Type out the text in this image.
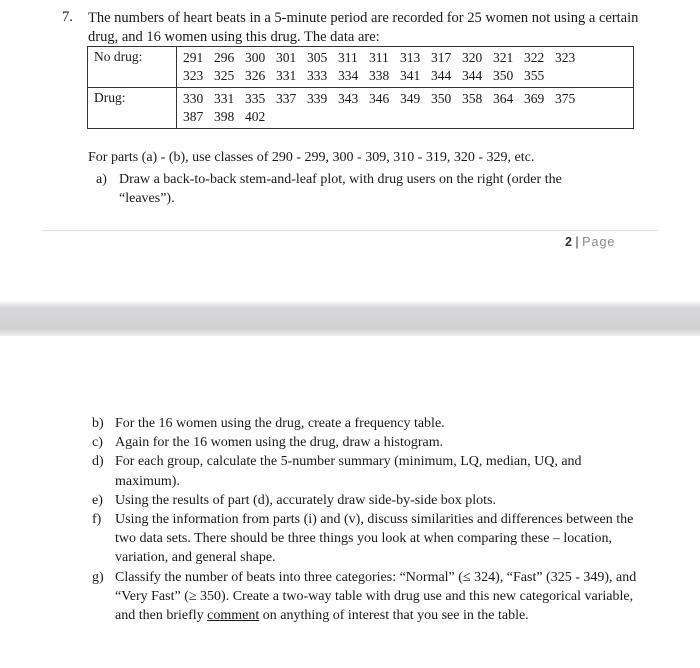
7. The numbers of heart beats in a 5-minute period are recorded for 25 women not using a certain drug, and 16 women using this drug. The data are:
No drug:	291 296 300 301 305 311 311 313 317 320 321 322 323
323 325 326 331 333 334 338 341 344 344 350 355

Drug:	330 331 335 337 339 343 346 349 350 358 364 369 375
387 398 402
For parts (a) - (b), use classes of 290 - 299, 300 - 309, 310 - 319, 320 - 329, etc.
a) Draw a back-to-back stem-and-leaf plot, with drug users on the right (order the “leaves”).
2 | Page
b) For the 16 women using the drug, create a frequency table.
c) Again for the 16 women using the drug, draw a histogram.
d) For each group, calculate the 5-number summary (minimum, LQ, median, UQ, and maximum).
e) Using the results of part (d), accurately draw side-by-side box plots.
f) Using the information from parts (i) and (v), discuss similarities and differences between the two data sets. There should be three things you look at when comparing these – location, variation, and general shape.
g) Classify the number of beats into three categories: “Normal” (≤ 324), “Fast” (325 - 349), and “Very Fast” (≥ 350). Create a two-way table with drug use and this new categorical variable, and then briefly comment on anything of interest that you see in the table.
